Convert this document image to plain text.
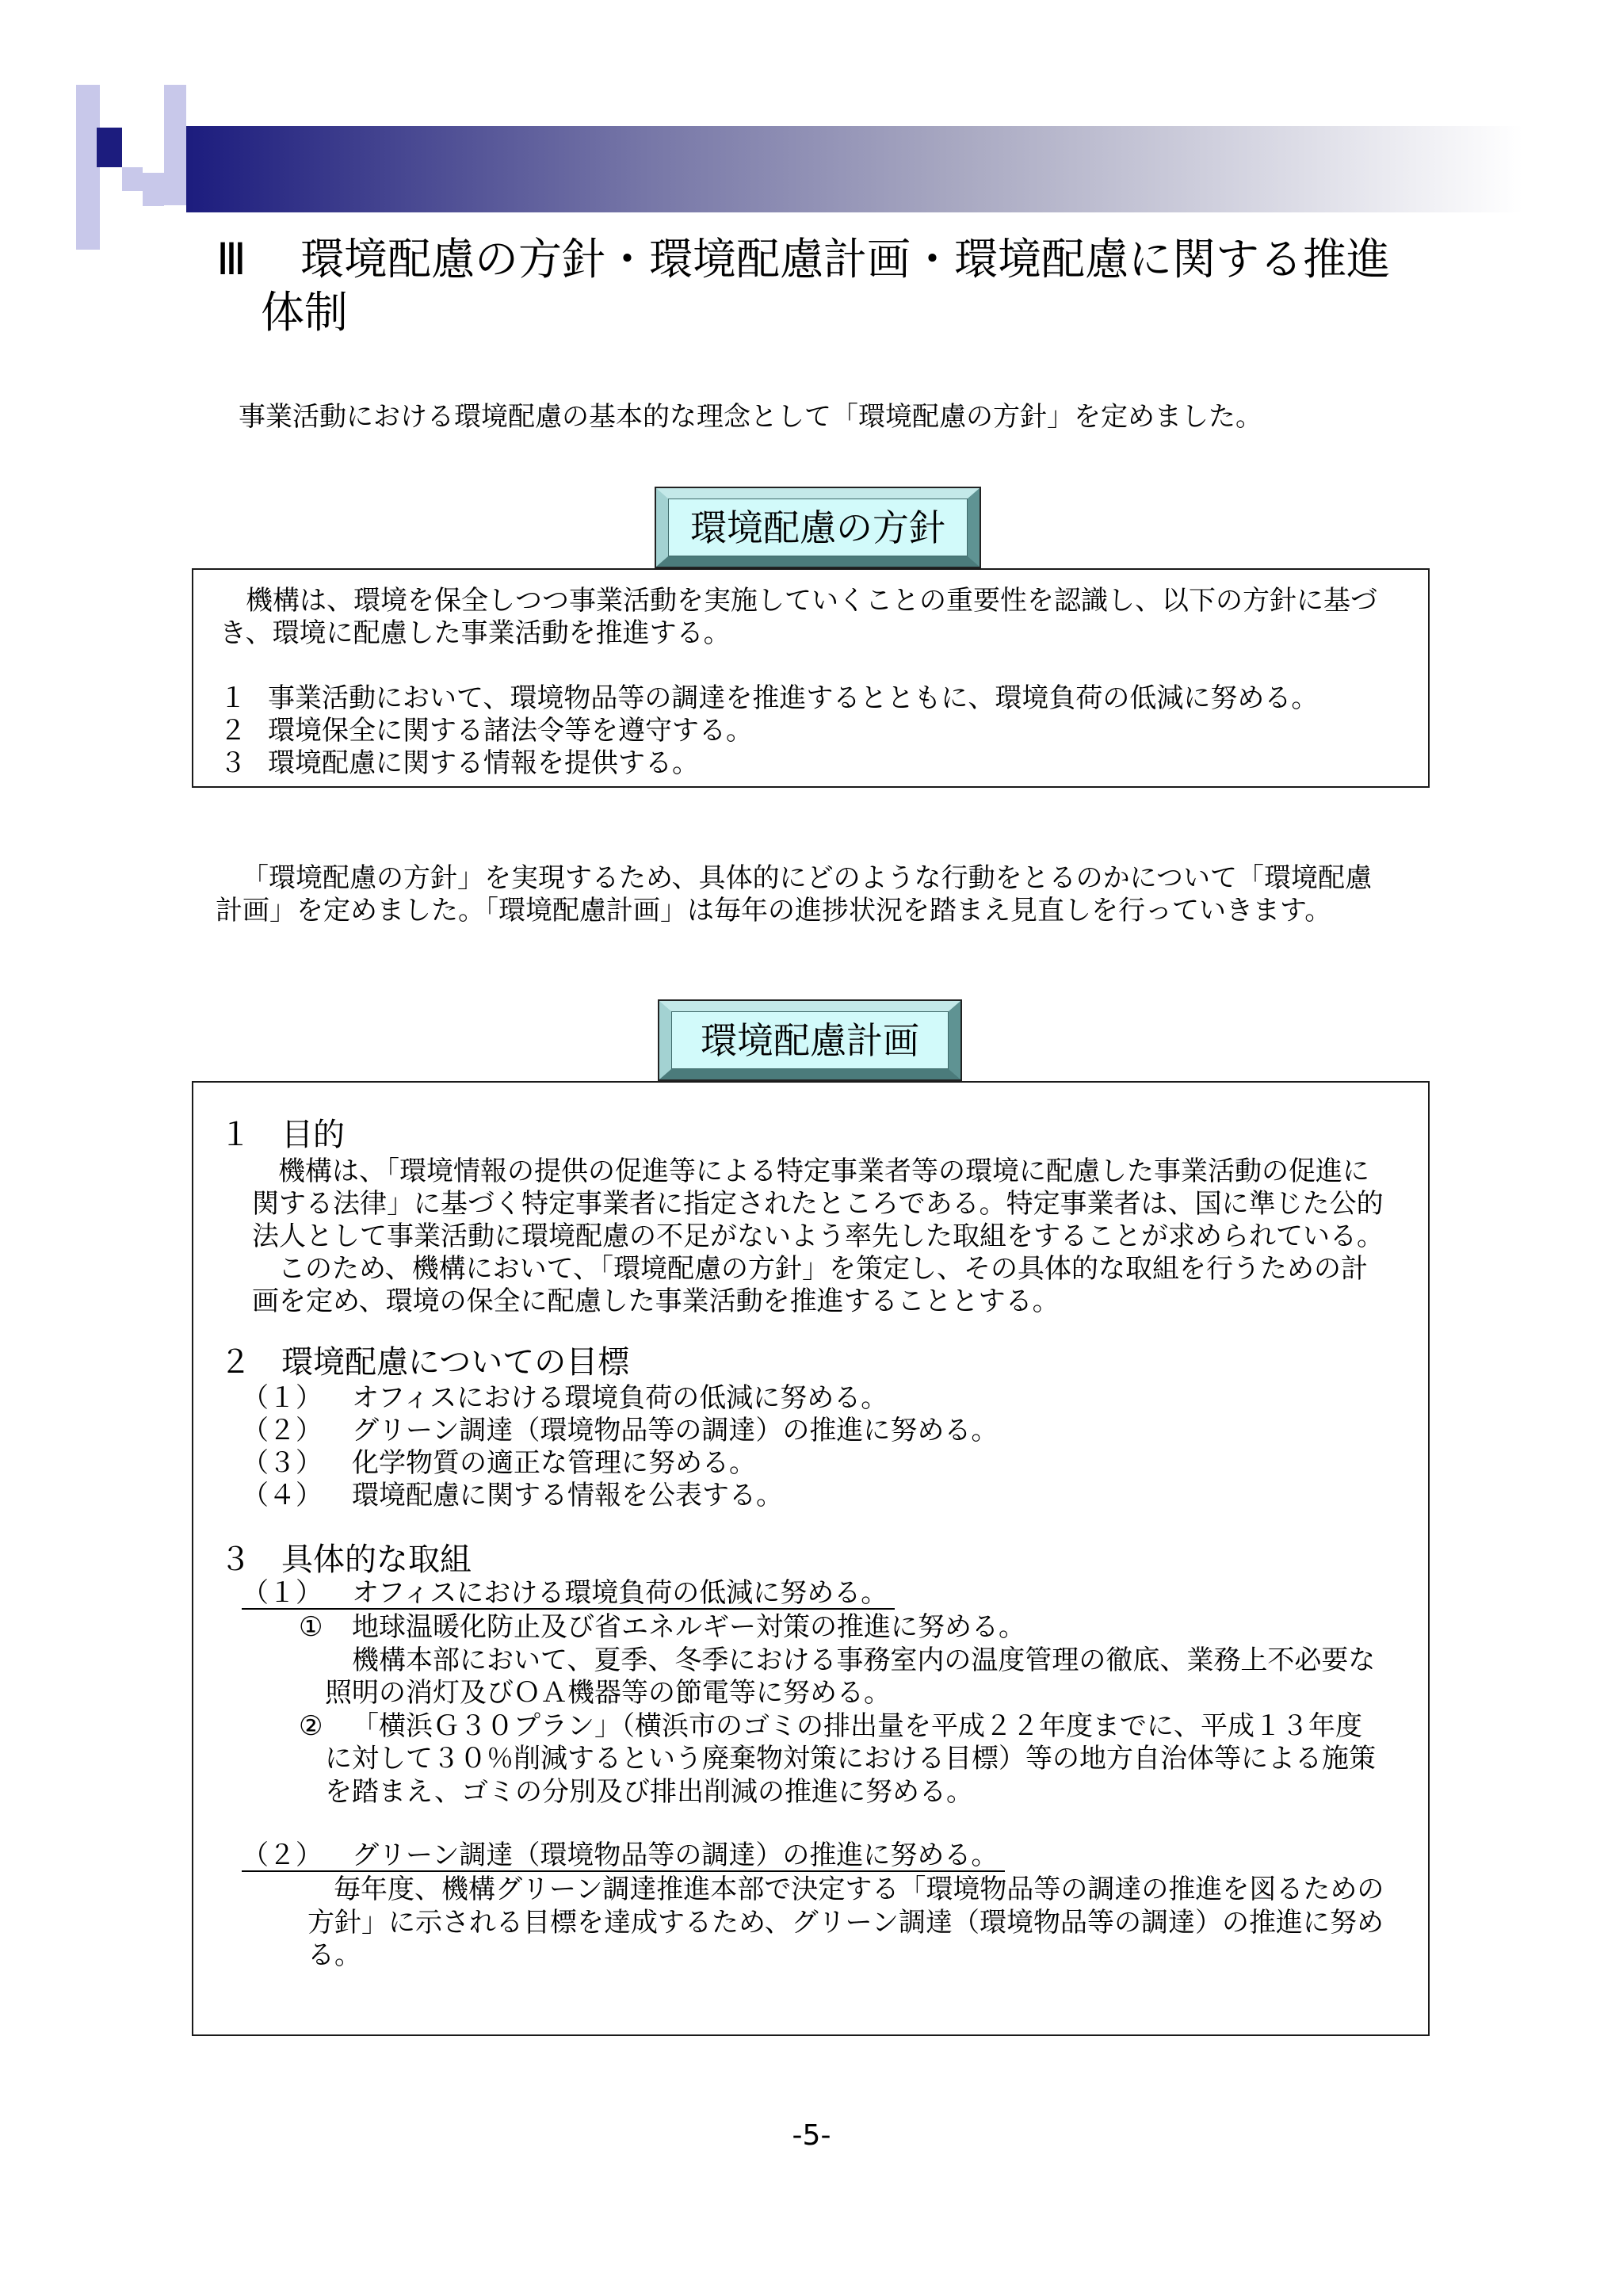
Ⅲ 環境配慮の方針・環境配慮計画・環境配慮に関する推進
体制
事業活動における環境配慮の基本的な理念として「環境配慮の方針」を定めました。
環境配慮の方針
機構は、環境を保全しつつ事業活動を実施していくことの重要性を認識し、以下の方針に基づ
き、環境に配慮した事業活動を推進する。
１ 事業活動において、環境物品等の調達を推進するとともに、環境負荷の低減に努める。
２ 環境保全に関する諸法令等を遵守する。
３ 環境配慮に関する情報を提供する。
「環境配慮の方針」を実現するため、具体的にどのような行動をとるのかについて「環境配慮
計画」を定めました。「環境配慮計画」は毎年の進捗状況を踏まえ見直しを行っていきます。
環境配慮計画
１ 目的
機構は、「環境情報の提供の促進等による特定事業者等の環境に配慮した事業活動の促進に
関する法律」に基づく特定事業者に指定されたところである。特定事業者は、国に準じた公的
法人として事業活動に環境配慮の不足がないよう率先した取組をすることが求められている。
このため、機構において、「環境配慮の方針」を策定し、その具体的な取組を行うための計
画を定め、環境の保全に配慮した事業活動を推進することとする。
２ 環境配慮についての目標
（１）	オフィスにおける環境負荷の低減に努める。
（２）	グリーン調達（環境物品等の調達）の推進に努める。
（３）	化学物質の適正な管理に努める。
（４）	環境配慮に関する情報を公表する。
３ 具体的な取組
（１）	オフィスにおける環境負荷の低減に努める。
①	地球温暖化防止及び省エネルギー対策の推進に努める。
機構本部において、夏季、冬季における事務室内の温度管理の徹底、業務上不必要な
照明の消灯及びＯＡ機器等の節電等に努める。
②	「横浜Ｇ３０プラン」（横浜市のゴミの排出量を平成２２年度までに、平成１３年度
に対して３０％削減するという廃棄物対策における目標）等の地方自治体等による施策
を踏まえ、ゴミの分別及び排出削減の推進に努める。
（２）	グリーン調達（環境物品等の調達）の推進に努める。
毎年度、機構グリーン調達推進本部で決定する「環境物品等の調達の推進を図るための
方針」に示される目標を達成するため、グリーン調達（環境物品等の調達）の推進に努め
る。
-5-
